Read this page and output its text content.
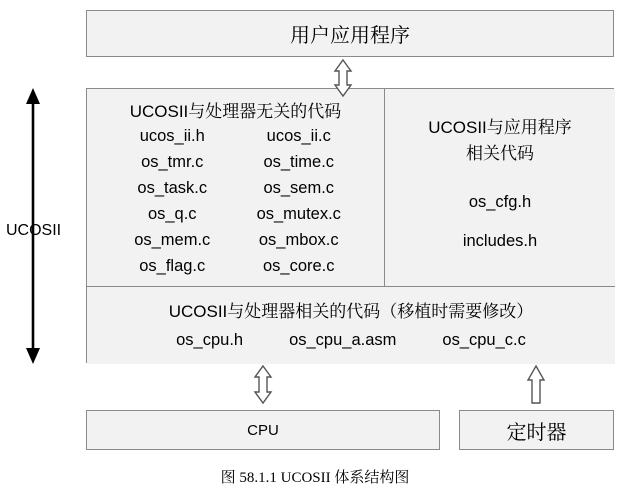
用户应用程序
UCOSII与处理器无关的代码
ucos_ii.h	ucos_ii.c
os_tmr.c	os_time.c
os_task.c	os_sem.c
os_q.c	os_mutex.c
os_mem.c	os_mbox.c
os_flag.c	os_core.c
UCOSII与应用程序
相关代码
os_cfg.h
includes.h
UCOSII与处理器相关的代码（移植时需要修改）
os_cpu.h	os_cpu_a.asm	os_cpu_c.c
CPU	定时器
UCOSII
图 58.1.1 UCOSII 体系结构图
